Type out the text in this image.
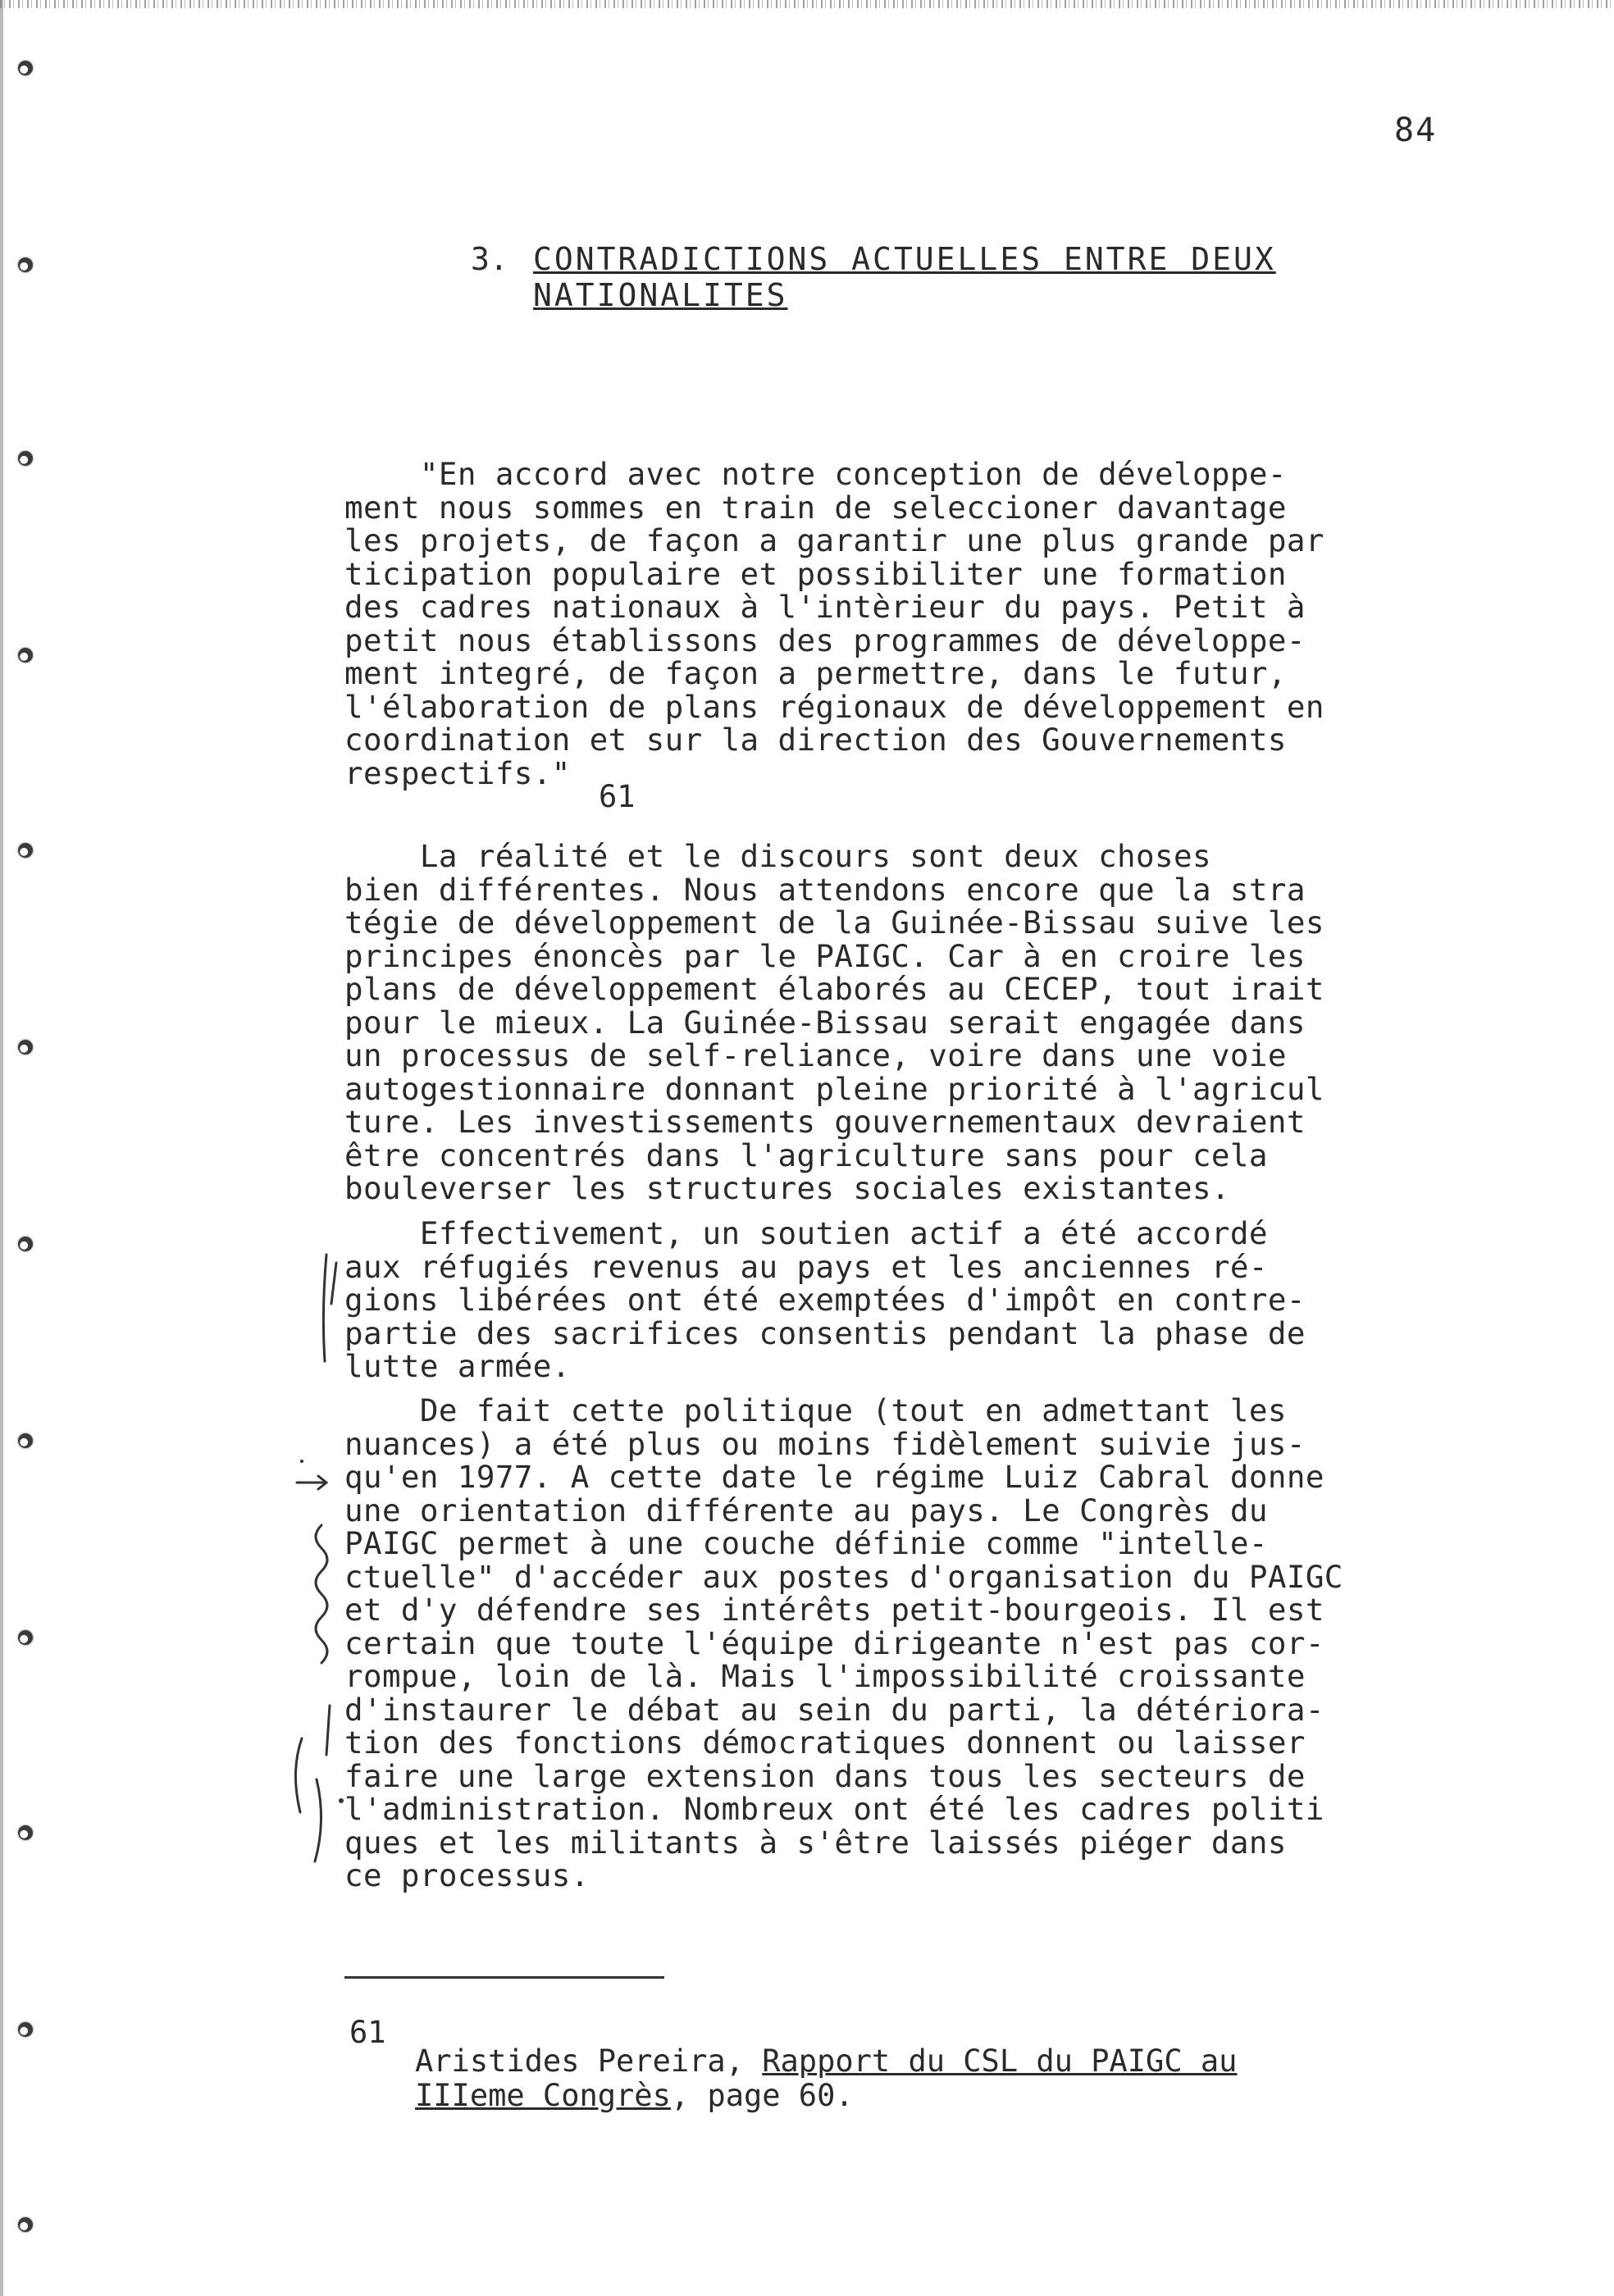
84
3. CONTRADICTIONS ACTUELLES ENTRE DEUX NATIONALITES
"En accord avec notre conception de développe-
ment nous sommes en train de seleccioner davantage
les projets, de façon a garantir une plus grande par
ticipation populaire et possibiliter une formation
des cadres nationaux à l'intèrieur du pays. Petit à
petit nous établissons des programmes de développe-
ment integré, de façon a permettre, dans le futur,
l'élaboration de plans régionaux de développement en
coordination et sur la direction des Gouvernements
respectifs."
61
La réalité et le discours sont deux choses
bien différentes. Nous attendons encore que la stra
tégie de développement de la Guinée-Bissau suive les
principes énoncès par le PAIGC. Car à en croire les
plans de développement élaborés au CECEP, tout irait
pour le mieux. La Guinée-Bissau serait engagée dans
un processus de self-reliance, voire dans une voie
autogestionnaire donnant pleine priorité à l'agricul
ture. Les investissements gouvernementaux devraient
être concentrés dans l'agriculture sans pour cela
bouleverser les structures sociales existantes.
Effectivement, un soutien actif a été accordé
aux réfugiés revenus au pays et les anciennes ré-
gions libérées ont été exemptées d'impôt en contre-
partie des sacrifices consentis pendant la phase de
lutte armée.
De fait cette politique (tout en admettant les
nuances) a été plus ou moins fidèlement suivie jus-
qu'en 1977. A cette date le régime Luiz Cabral donne
une orientation différente au pays. Le Congrès du
PAIGC permet à une couche définie comme "intelle-
ctuelle" d'accéder aux postes d'organisation du PAIGC
et d'y défendre ses intérêts petit-bourgeois. Il est
certain que toute l'équipe dirigeante n'est pas cor-
rompue, loin de là. Mais l'impossibilité croissante
d'instaurer le débat au sein du parti, la détériora-
tion des fonctions démocratiques donnent ou laisser
faire une large extension dans tous les secteurs de
l'administration. Nombreux ont été les cadres politi
ques et les militants à s'être laissés piéger dans
ce processus.
61
Aristides Pereira, Rapport du CSL du PAIGC au
IIIeme Congrès, page 60.
